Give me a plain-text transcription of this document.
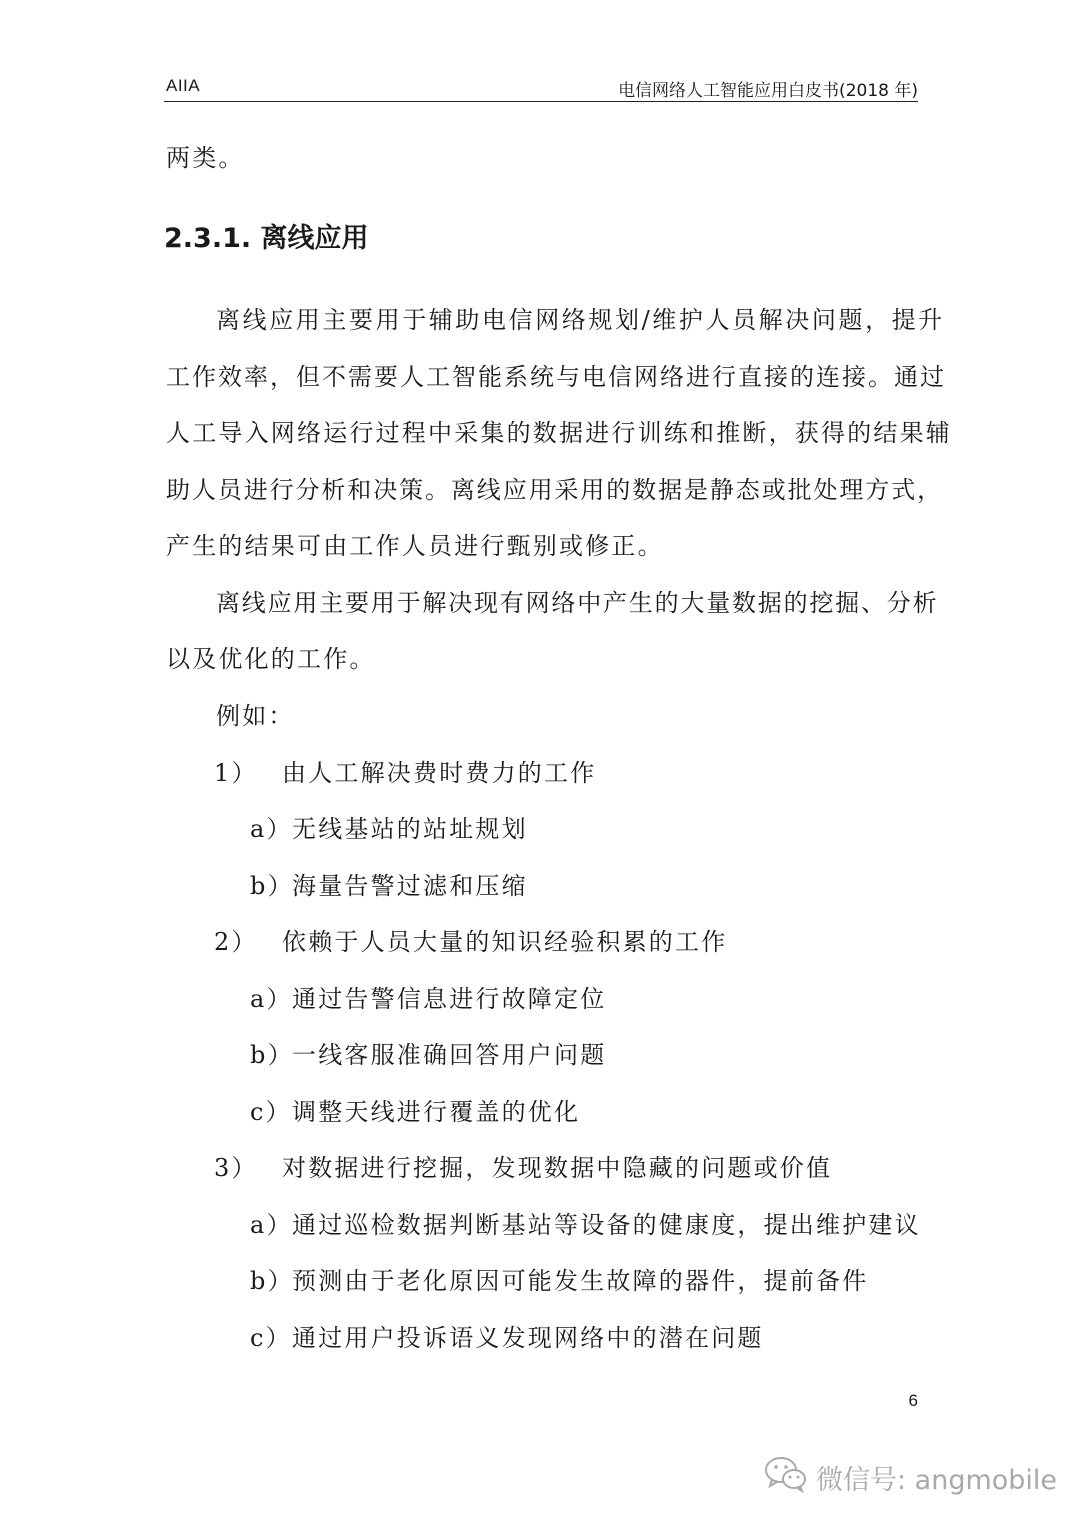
AIIA	电信网络人工智能应用白皮书(2018 年)
两类。
2.3.1. 离线应用
离线应用主要用于辅助电信网络规划/维护人员解决问题，提升
工作效率，但不需要人工智能系统与电信网络进行直接的连接。通过
人工导入网络运行过程中采集的数据进行训练和推断，获得的结果辅
助人员进行分析和决策。离线应用采用的数据是静态或批处理方式，
产生的结果可由工作人员进行甄别或修正。
离线应用主要用于解决现有网络中产生的大量数据的挖掘、分析
以及优化的工作。
例如：
1） 由人工解决费时费力的工作
a） 无线基站的站址规划
b）
海量告警过滤和压缩
2） 依赖于人员大量的知识经验积累的工作
a） 通过告警信息进行故障定位
b）
一线客服准确回答用户问题
c） 调整天线进行覆盖的优化
3） 对数据进行挖掘，发现数据中隐藏的问题或价值
a） 通过巡检数据判断基站等设备的健康度，提出维护建议
b）
预测由于老化原因可能发生故障的器件，提前备件
c） 通过用户投诉语义发现网络中的潜在问题
6
微信号: angmobile
